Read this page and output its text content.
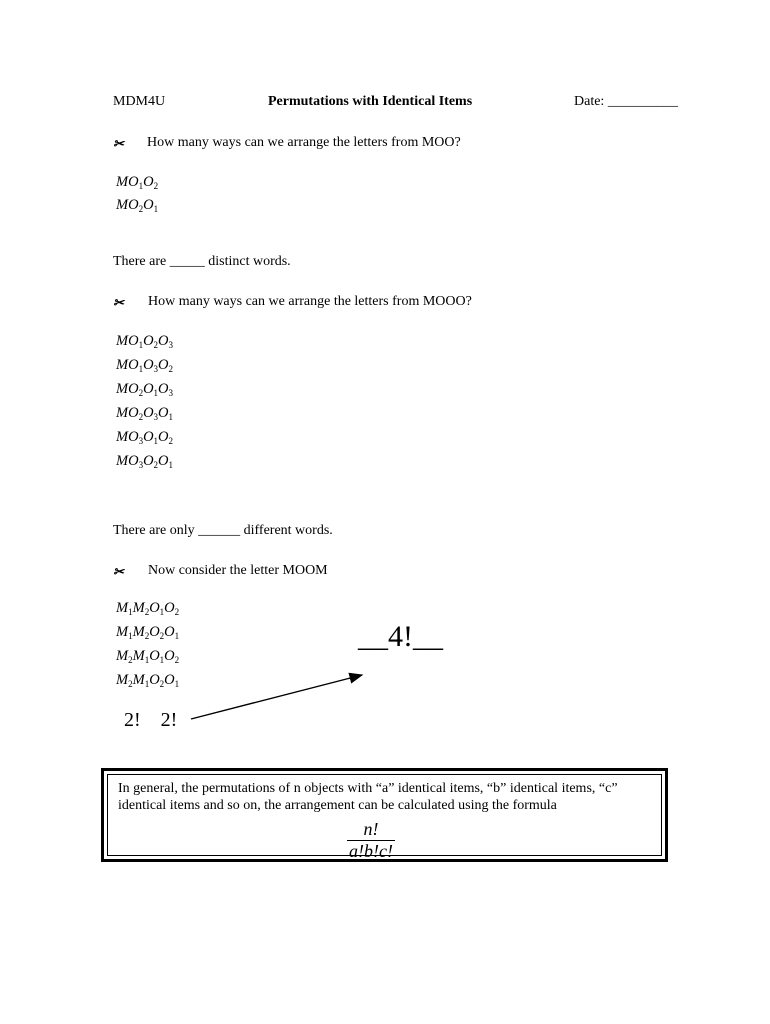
MDM4U	Permutations with Identical Items	Date: __________
✂ How many ways can we arrange the letters from MOO?
$MO_1O_2$
$MO_2O_1$
There are _____ distinct words.
✂ How many ways can we arrange the letters from MOOO?
$MO_1O_2O_3$
$MO_1O_3O_2$
$MO_2O_1O_3$
$MO_2O_3O_1$
$MO_3O_1O_2$
$MO_3O_2O_1$
There are only ______ different words.
✂ Now consider the letter MOOM
$M_1M_2O_1O_2$
$M_1M_2O_2O_1$
$M_2M_1O_1O_2$
$M_2M_1O_2O_1$
__4!__
2!    2!
In general, the permutations of n objects with “a” identical items, “b” identical items, “c” identical items and so on, the arrangement can be calculated using the formula
$\frac{n!}{a!b!c!}$
